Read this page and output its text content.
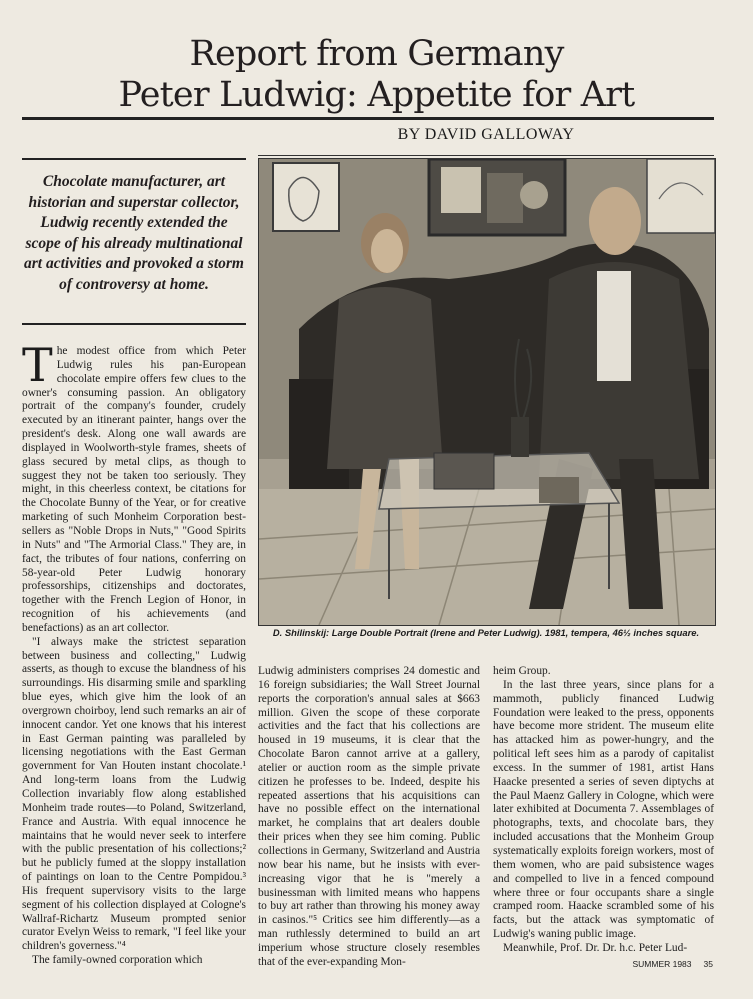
Report from Germany
Peter Ludwig: Appetite for Art
BY DAVID GALLOWAY
Chocolate manufacturer, art historian and superstar collector, Ludwig recently extended the scope of his already multinational art activities and provoked a storm of controversy at home.

The modest office from which Peter Ludwig rules his pan-European chocolate empire offers few clues to the owner's consuming passion. An obligatory portrait of the company's founder, crudely executed by an itinerant painter, hangs over the president's desk. Along one wall awards are displayed in Woolworth-style frames, sheets of glass secured by metal clips, as though to suggest they not be taken too seriously. They might, in this cheerless context, be citations for the Chocolate Bunny of the Year, or for creative marketing of such Monheim Corporation best-sellers as "Noble Drops in Nuts," "Good Spirits in Nuts" and "The Armorial Class." They are, in fact, the tributes of four nations, conferring on 58-year-old Peter Ludwig honorary professorships, citizenships and doctorates, together with the French Legion of Honor, in recognition of his achievements (and benefactions) as an art collector.

"I always make the strictest separation between business and collecting," Ludwig asserts, as though to excuse the blandness of his surroundings. His disarming smile and sparkling blue eyes, which give him the look of an overgrown choirboy, lend such remarks an air of innocent candor. Yet one knows that his interest in East German painting was paralleled by licensing negotiations with the East German government for Van Houten instant chocolate.¹ And long-term loans from the Ludwig Collection invariably flow along established Monheim trade routes—to Poland, Switzerland, France and Austria. With equal innocence he maintains that he would never seek to interfere with the public presentation of his collections;² but he publicly fumed at the sloppy installation of paintings on loan to the Centre Pompidou.³ His frequent supervisory visits to the large segment of his collection displayed at Cologne's Wallraf-Richartz Museum prompted senior curator Evelyn Weiss to remark, "I feel like your children's governess."⁴

The family-owned corporation which

D. Shilinskij: Large Double Portrait (Irene and Peter Ludwig). 1981, tempera, 46½ inches square.

Ludwig administers comprises 24 domestic and 16 foreign subsidiaries; the Wall Street Journal reports the corporation's annual sales at $663 million. Given the scope of these corporate activities and the fact that his collections are housed in 19 museums, it is clear that the Chocolate Baron cannot arrive at a gallery, atelier or auction room as the simple private citizen he professes to be. Indeed, despite his repeated assertions that his acquisitions can have no possible effect on the international market, he complains that art dealers double their prices when they see him coming. Public collections in Germany, Switzerland and Austria now bear his name, but he insists with ever-increasing vigor that he is "merely a businessman with limited means who happens to buy art rather than throwing his money away in casinos."⁵ Critics see him differently—as a man ruthlessly determined to build an art imperium whose structure closely resembles that of the ever-expanding Mon-

heim Group.

In the last three years, since plans for a mammoth, publicly financed Ludwig Foundation were leaked to the press, opponents have become more strident. The museum elite has attacked him as power-hungry, and the political left sees him as a parody of capitalist excess. In the summer of 1981, artist Hans Haacke presented a series of seven diptychs at the Paul Maenz Gallery in Cologne, which were later exhibited at Documenta 7. Assemblages of photographs, texts, and chocolate bars, they included accusations that the Monheim Group systematically exploits foreign workers, most of them women, who are paid subsistence wages and compelled to live in a fenced compound where three or four occupants share a single cramped room. Haacke scrambled some of his facts, but the attack was symptomatic of Ludwig's waning public image.

Meanwhile, Prof. Dr. Dr. h.c. Peter Lud-

SUMMER 1983 35
